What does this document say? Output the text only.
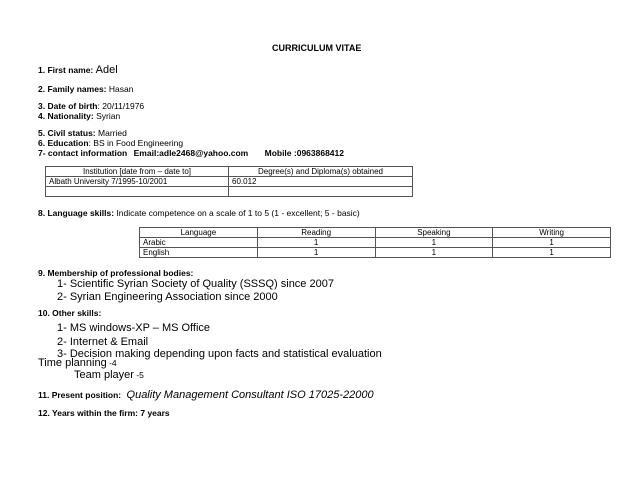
CURRICULUM VITAE
1. First name: Adel
2. Family names: Hasan
3. Date of birth: 20/11/1976
4. Nationality: Syrian
5. Civil status: Married
6. Education: BS in Food Engineering
7- contact information Email:adle2468@yahoo.com Mobile :0963868412
Institution [date from – date to]	Degree(s) and Diploma(s) obtained
Albath University 7/1995-10/2001	60.012

8. Language skills: Indicate competence on a scale of 1 to 5 (1 - excellent; 5 - basic)
Language	Reading	Speaking	Writing
Arabic	1	1	1
English	1	1	1
9. Membership of professional bodies:
1- Scientific Syrian Society of Quality (SSSQ) since 2007
2- Syrian Engineering Association since 2000
10. Other skills:
1- MS windows-XP – MS Office
2- Internet & Email
3- Decision making depending upon facts and statistical evaluation
Time planning -4
Team player -5
11. Present position: Quality Management Consultant ISO 17025-22000
12. Years within the firm: 7 years
